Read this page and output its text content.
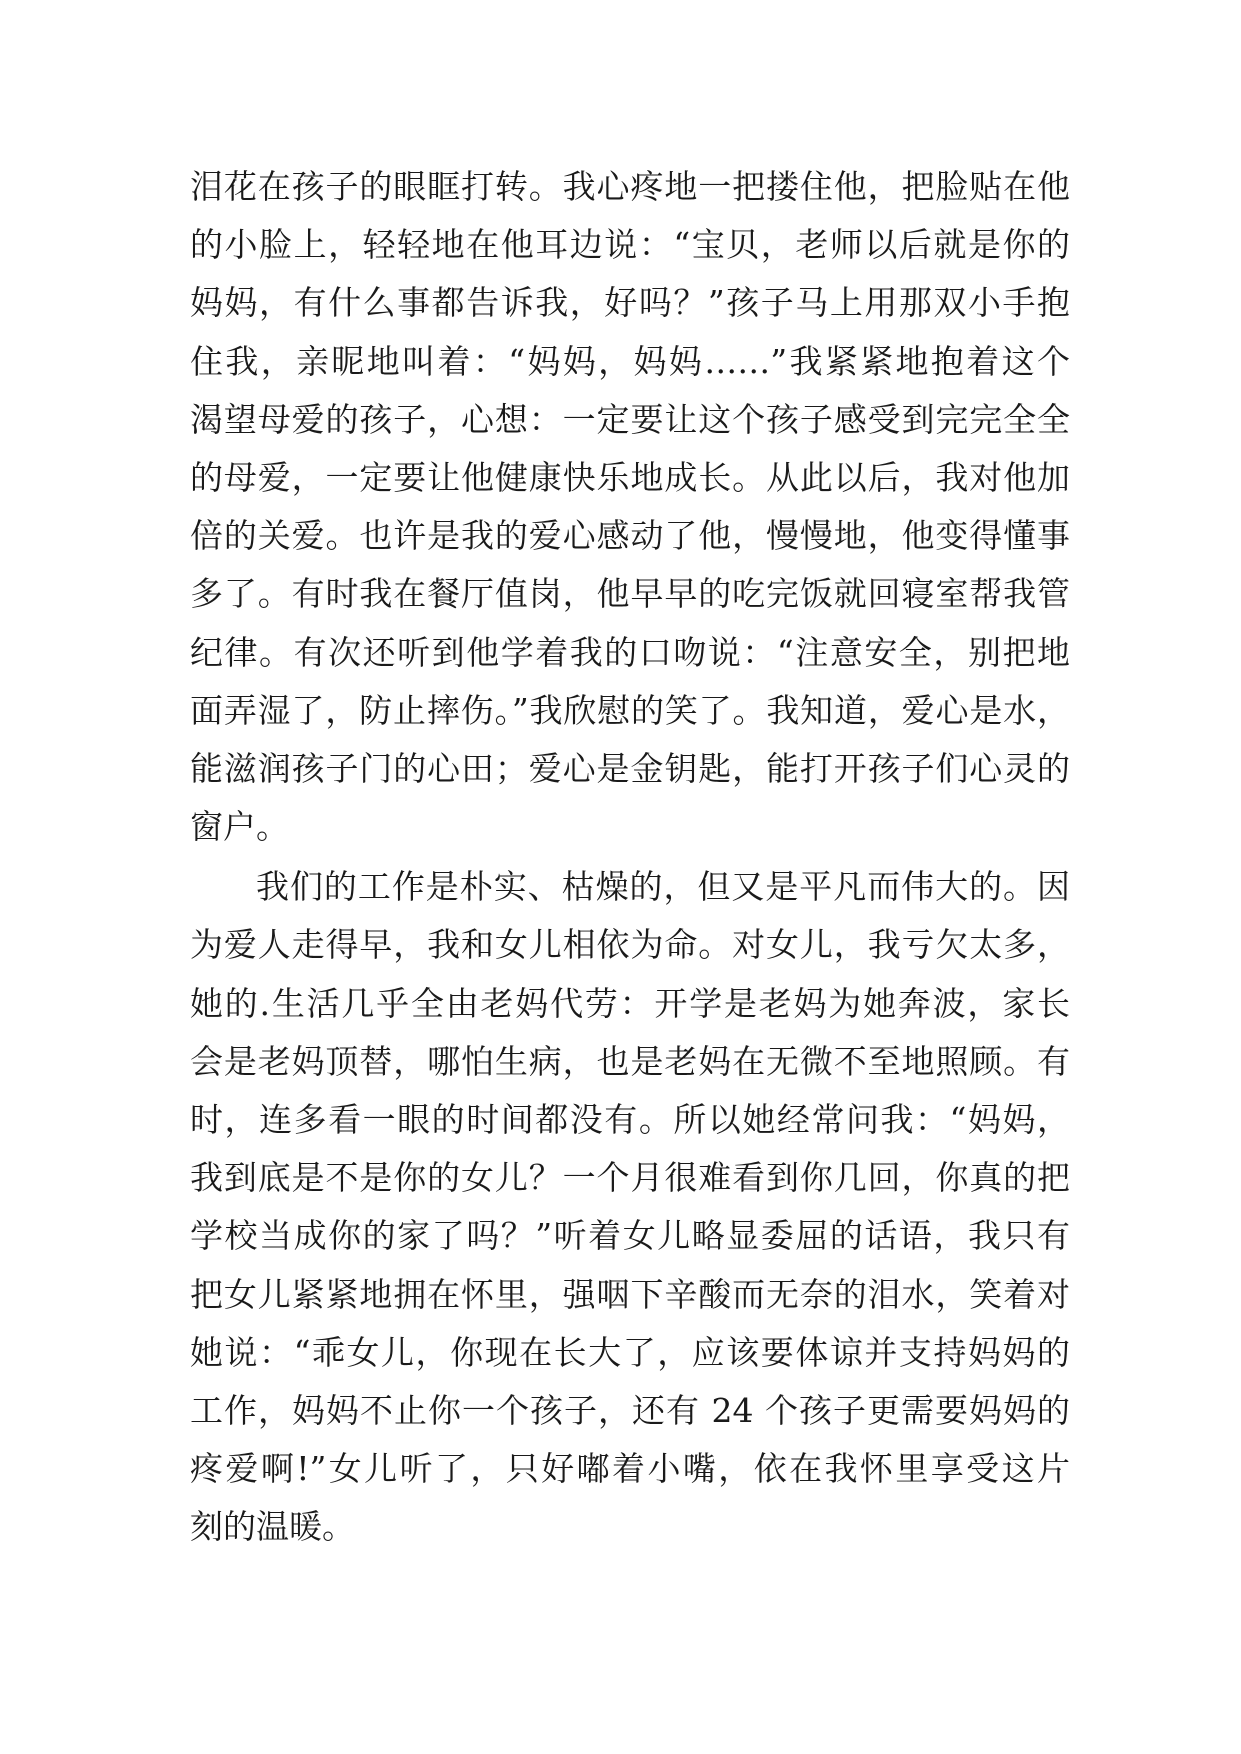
泪花在孩子的眼眶打转。我心疼地一把搂住他，把脸贴在他
的小脸上，轻轻地在他耳边说：“宝贝，老师以后就是你的
妈妈，有什么事都告诉我，好吗？”孩子马上用那双小手抱
住我，亲昵地叫着：“妈妈，妈妈……”我紧紧地抱着这个
渴望母爱的孩子，心想：一定要让这个孩子感受到完完全全
的母爱，一定要让他健康快乐地成长。从此以后，我对他加
倍的关爱。也许是我的爱心感动了他，慢慢地，他变得懂事
多了。有时我在餐厅值岗，他早早的吃完饭就回寝室帮我管
纪律。有次还听到他学着我的口吻说：“注意安全，别把地
面弄湿了，防止摔伤。”我欣慰的笑了。我知道，爱心是水，
能滋润孩子门的心田；爱心是金钥匙，能打开孩子们心灵的
窗户。
我们的工作是朴实、枯燥的，但又是平凡而伟大的。因
为爱人走得早，我和女儿相依为命。对女儿，我亏欠太多，
她的.生活几乎全由老妈代劳：开学是老妈为她奔波，家长
会是老妈顶替，哪怕生病，也是老妈在无微不至地照顾。有
时，连多看一眼的时间都没有。所以她经常问我：“妈妈，
我到底是不是你的女儿？一个月很难看到你几回，你真的把
学校当成你的家了吗？”听着女儿略显委屈的话语，我只有
把女儿紧紧地拥在怀里，强咽下辛酸而无奈的泪水，笑着对
她说：“乖女儿，你现在长大了，应该要体谅并支持妈妈的
工作，妈妈不止你一个孩子，还有 24 个孩子更需要妈妈的
疼爱啊!”女儿听了，只好嘟着小嘴，依在我怀里享受这片
刻的温暖。
